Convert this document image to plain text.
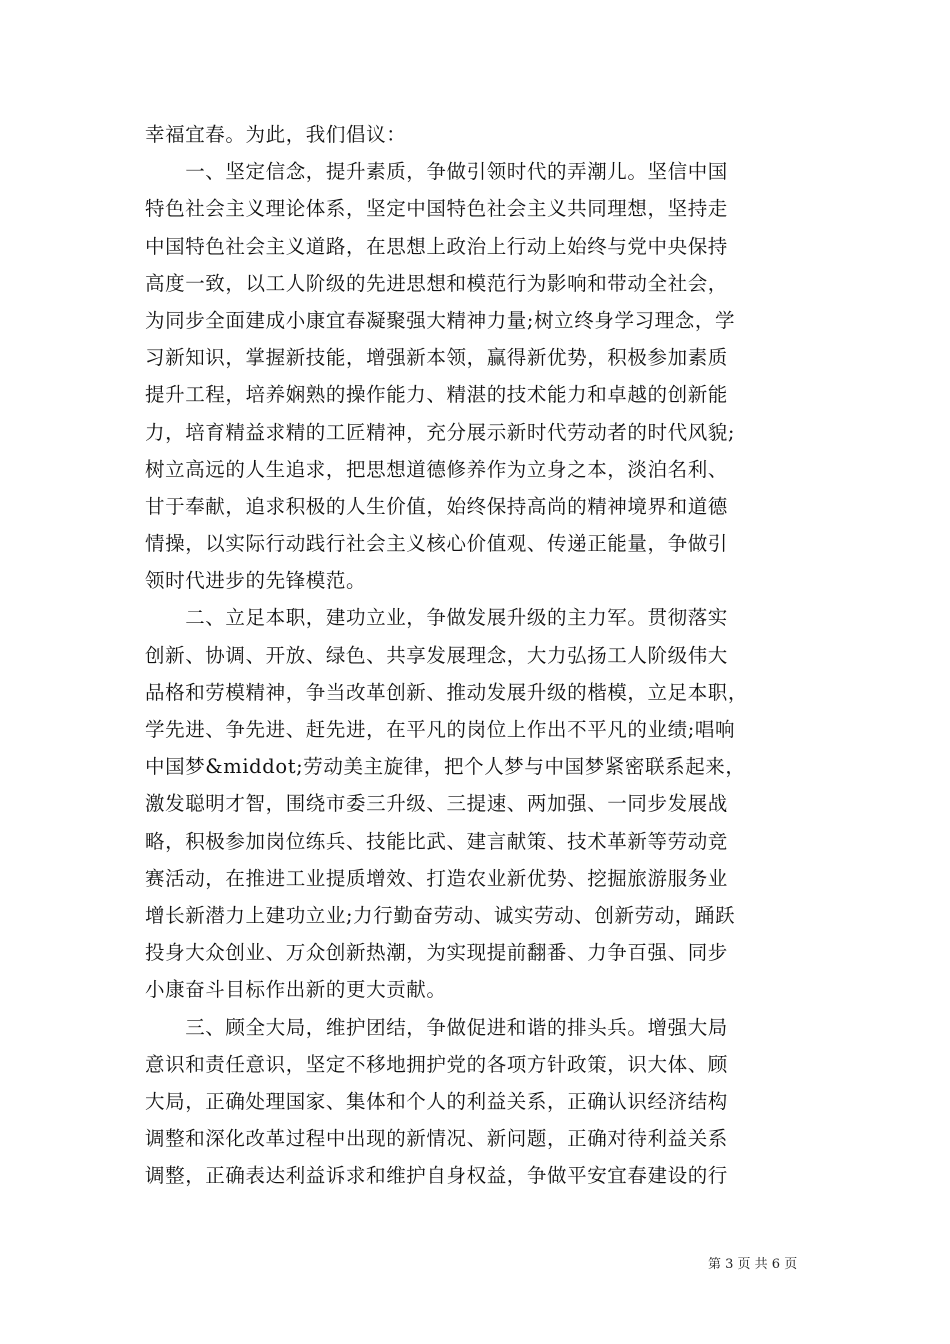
幸福宜春。为此，我们倡议：
　　一、坚定信念，提升素质，争做引领时代的弄潮儿。坚信中国
特色社会主义理论体系，坚定中国特色社会主义共同理想，坚持走
中国特色社会主义道路，在思想上政治上行动上始终与党中央保持
高度一致，以工人阶级的先进思想和模范行为影响和带动全社会，
为同步全面建成小康宜春凝聚强大精神力量;树立终身学习理念，学
习新知识，掌握新技能，增强新本领，赢得新优势，积极参加素质
提升工程，培养娴熟的操作能力、精湛的技术能力和卓越的创新能
力，培育精益求精的工匠精神，充分展示新时代劳动者的时代风貌;
树立高远的人生追求，把思想道德修养作为立身之本，淡泊名利、
甘于奉献，追求积极的人生价值，始终保持高尚的精神境界和道德
情操，以实际行动践行社会主义核心价值观、传递正能量，争做引
领时代进步的先锋模范。
　　二、立足本职，建功立业，争做发展升级的主力军。贯彻落实
创新、协调、开放、绿色、共享发展理念，大力弘扬工人阶级伟大
品格和劳模精神，争当改革创新、推动发展升级的楷模，立足本职，
学先进、争先进、赶先进，在平凡的岗位上作出不平凡的业绩;唱响
中国梦&middot;劳动美主旋律，把个人梦与中国梦紧密联系起来，
激发聪明才智，围绕市委三升级、三提速、两加强、一同步发展战
略，积极参加岗位练兵、技能比武、建言献策、技术革新等劳动竞
赛活动，在推进工业提质增效、打造农业新优势、挖掘旅游服务业
增长新潜力上建功立业;力行勤奋劳动、诚实劳动、创新劳动，踊跃
投身大众创业、万众创新热潮，为实现提前翻番、力争百强、同步
小康奋斗目标作出新的更大贡献。
　　三、顾全大局，维护团结，争做促进和谐的排头兵。增强大局
意识和责任意识，坚定不移地拥护党的各项方针政策，识大体、顾
大局，正确处理国家、集体和个人的利益关系，正确认识经济结构
调整和深化改革过程中出现的新情况、新问题，正确对待利益关系
调整，正确表达利益诉求和维护自身权益，争做平安宜春建设的行
第 3 页 共 6 页
